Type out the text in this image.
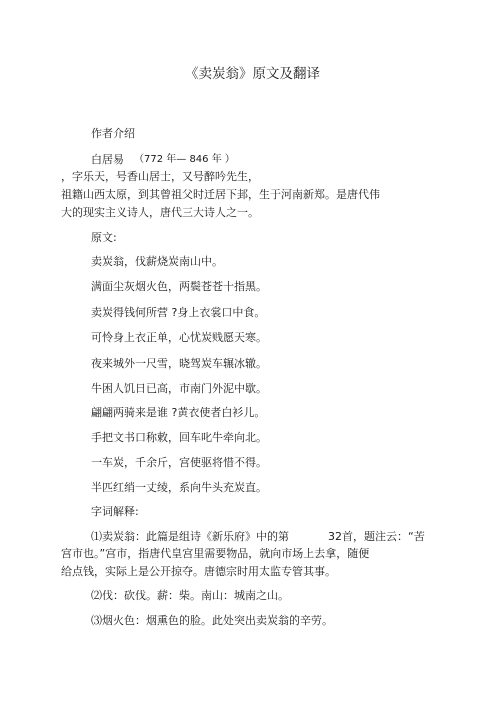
《卖炭翁》原文及翻译
作者介绍
白居易 （772 年— 846 年 ）
，字乐天，号香山居士，又号醉吟先生，
祖籍山西太原，到其曾祖父时迁居下邽，生于河南新郑。是唐代伟
大的现实主义诗人，唐代三大诗人之一。
原文:
卖炭翁，伐薪烧炭南山中。
满面尘灰烟火色，两鬓苍苍十指黑。
卖炭得钱何所营 ?身上衣裳口中食。
可怜身上衣正单，心忧炭贱愿天寒。
夜来城外一尺雪，晓驾炭车辗冰辙。
牛困人饥日已高，市南门外泥中歇。
翩翩两骑来是谁 ?黄衣使者白衫儿。
手把文书口称敕，回车叱牛牵向北。
一车炭，千余斤，宫使驱将惜不得。
半匹红绡一丈绫，系向牛头充炭直。
字词解释:
⑴卖炭翁：此篇是组诗《新乐府》中的第	32首，题注云：“苦
宫市也。”宫市，指唐代皇宫里需要物品，就向市场上去拿，随便
给点钱，实际上是公开掠夺。唐德宗时用太监专管其事。
⑵伐：砍伐。薪：柴。南山：城南之山。
⑶烟火色：烟熏色的脸。此处突出卖炭翁的辛劳。
